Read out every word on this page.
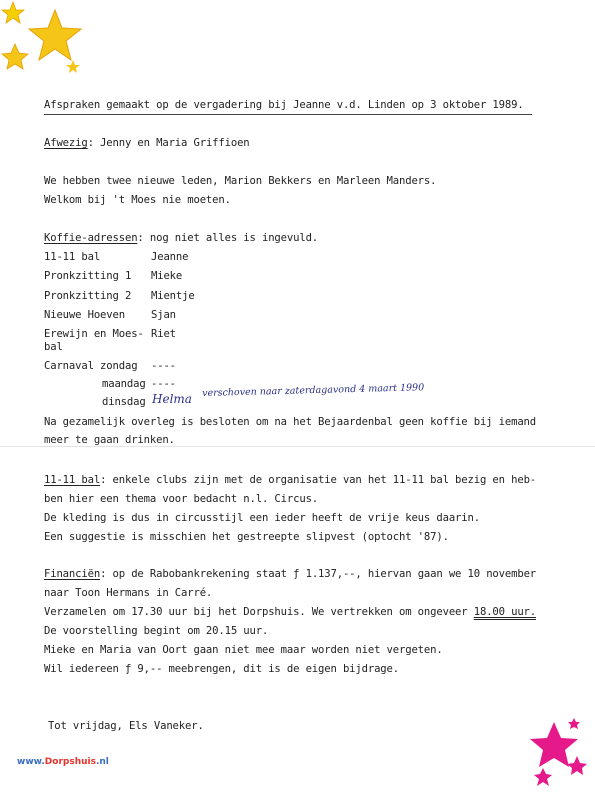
Afspraken gemaakt op de vergadering bij Jeanne v.d. Linden op 3 oktober 1989.
Afwezig: Jenny en Maria Griffioen
We hebben twee nieuwe leden, Marion Bekkers en Marleen Manders.
Welkom bij 't Moes nie moeten.
Koffie-adressen: nog niet alles is ingevuld.
11-11 bal	Jeanne
Pronkzitting 1 Mieke
Pronkzitting 2 Mientje
Nieuwe Hoeven Sjan
Erewijn en Moes- Riet
bal
Carnaval zondag ----
maandag ----
dinsdag Helma
verschoven naar zaterdagavond 4 maart 1990
Na gezamelijk overleg is besloten om na het Bejaardenbal geen koffie bij iemand
meer te gaan drinken.
11-11 bal: enkele clubs zijn met de organisatie van het 11-11 bal bezig en heb-
ben hier een thema voor bedacht n.l. Circus.
De kleding is dus in circusstijl een ieder heeft de vrije keus daarin.
Een suggestie is misschien het gestreepte slipvest (optocht '87).
Financiën: op de Rabobankrekening staat ƒ 1.137,--, hiervan gaan we 10 november
naar Toon Hermans in Carré.
Verzamelen om 17.30 uur bij het Dorpshuis. We vertrekken om ongeveer 18.00 uur.
De voorstelling begint om 20.15 uur.
Mieke en Maria van Oort gaan niet mee maar worden niet vergeten.
Wil iedereen ƒ 9,-- meebrengen, dit is de eigen bijdrage.
Tot vrijdag, Els Vaneker.
www.Dorpshuis.nl
